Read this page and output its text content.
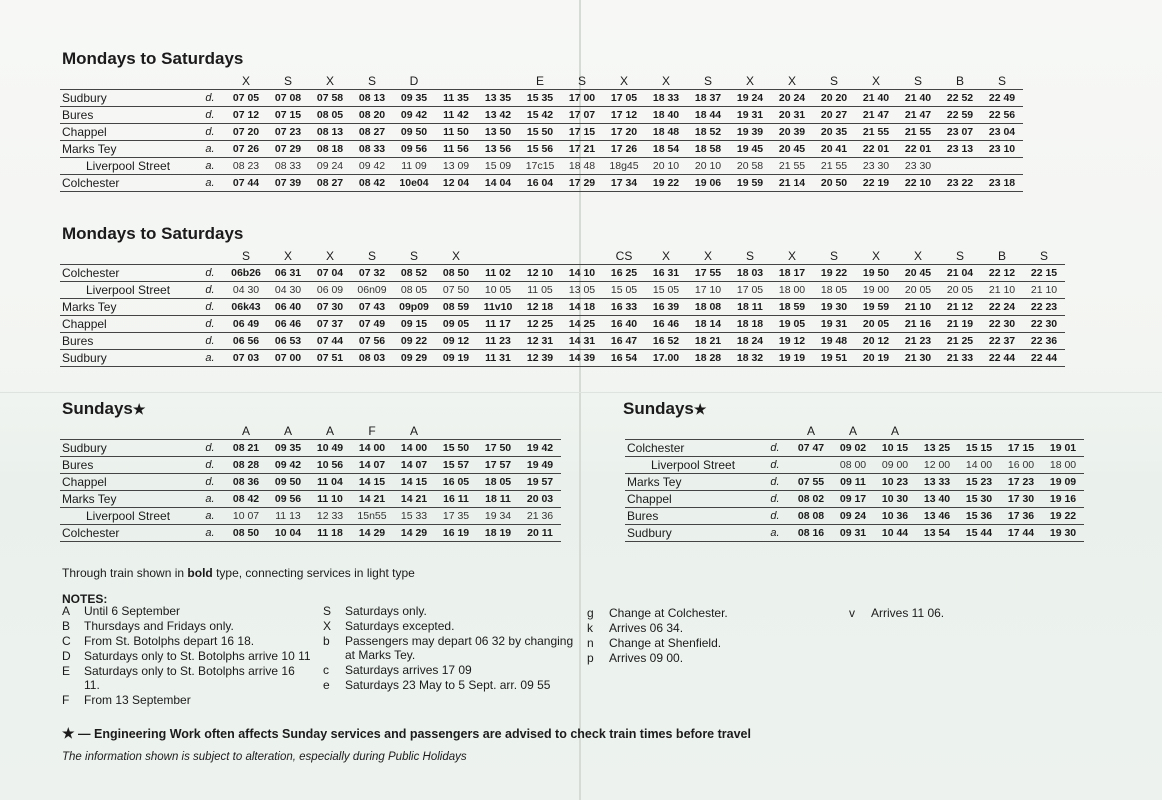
Mondays to Saturdays
		X	S	X	S	D			E	S	X	X	S	X	X	S	X	S	B	S
Sudbury	d.	07 05	07 08	07 58	08 13	09 35	11 35	13 35	15 35	17 00	17 05	18 33	18 37	19 24	20 24	20 20	21 40	21 40	22 52	22 49
Bures	d.	07 12	07 15	08 05	08 20	09 42	11 42	13 42	15 42	17 07	17 12	18 40	18 44	19 31	20 31	20 27	21 47	21 47	22 59	22 56
Chappel	d.	07 20	07 23	08 13	08 27	09 50	11 50	13 50	15 50	17 15	17 20	18 48	18 52	19 39	20 39	20 35	21 55	21 55	23 07	23 04
Marks Tey	a.	07 26	07 29	08 18	08 33	09 56	11 56	13 56	15 56	17 21	17 26	18 54	18 58	19 45	20 45	20 41	22 01	22 01	23 13	23 10
Liverpool Street	a.	08 23	08 33	09 24	09 42	11 09	13 09	15 09	17c15	18 48	18g45	20 10	20 10	20 58	21 55	21 55	23 30	23 30		
Colchester	a.	07 44	07 39	08 27	08 42	10e04	12 04	14 04	16 04	17 29	17 34	19 22	19 06	19 59	21 14	20 50	22 19	22 10	23 22	23 18
Mondays to Saturdays
		S	X	X	S	S	X				CS	X	X	S	X	S	X	X	S	B	S
Colchester	d.	06b26	06 31	07 04	07 32	08 52	08 50	11 02	12 10	14 10	16 25	16 31	17 55	18 03	18 17	19 22	19 50	20 45	21 04	22 12	22 15
Liverpool Street	d.	04 30	04 30	06 09	06n09	08 05	07 50	10 05	11 05	13 05	15 05	15 05	17 10	17 05	18 00	18 05	19 00	20 05	20 05	21 10	21 10
Marks Tey	d.	06k43	06 40	07 30	07 43	09p09	08 59	11v10	12 18	14 18	16 33	16 39	18 08	18 11	18 59	19 30	19 59	21 10	21 12	22 24	22 23
Chappel	d.	06 49	06 46	07 37	07 49	09 15	09 05	11 17	12 25	14 25	16 40	16 46	18 14	18 18	19 05	19 31	20 05	21 16	21 19	22 30	22 30
Bures	d.	06 56	06 53	07 44	07 56	09 22	09 12	11 23	12 31	14 31	16 47	16 52	18 21	18 24	19 12	19 48	20 12	21 23	21 25	22 37	22 36
Sudbury	a.	07 03	07 00	07 51	08 03	09 29	09 19	11 31	12 39	14 39	16 54	17.00	18 28	18 32	19 19	19 51	20 19	21 30	21 33	22 44	22 44
Sundays★
		A	A	A	F	A			
Sudbury	d.	08 21	09 35	10 49	14 00	14 00	15 50	17 50	19 42
Bures	d.	08 28	09 42	10 56	14 07	14 07	15 57	17 57	19 49
Chappel	d.	08 36	09 50	11 04	14 15	14 15	16 05	18 05	19 57
Marks Tey	a.	08 42	09 56	11 10	14 21	14 21	16 11	18 11	20 03
Liverpool Street	a.	10 07	11 13	12 33	15n55	15 33	17 35	19 34	21 36
Colchester	a.	08 50	10 04	11 18	14 29	14 29	16 19	18 19	20 11
Sundays★
		A	A	A				
Colchester	d.	07 47	09 02	10 15	13 25	15 15	17 15	19 01
Liverpool Street	d.		08 00	09 00	12 00	14 00	16 00	18 00
Marks Tey	d.	07 55	09 11	10 23	13 33	15 23	17 23	19 09
Chappel	d.	08 02	09 17	10 30	13 40	15 30	17 30	19 16
Bures	d.	08 08	09 24	10 36	13 46	15 36	17 36	19 22
Sudbury	a.	08 16	09 31	10 44	13 54	15 44	17 44	19 30
Through train shown in bold type, connecting services in light type
NOTES:
A	Until 6 September
B	Thursdays and Fridays only.
C	From St. Botolphs depart 16 18.
D	Saturdays only to St. Botolphs arrive 10 11
E	Saturdays only to St. Botolphs arrive 16 11.
F	From 13 September
S	Saturdays only.
X	Saturdays excepted.
b	Passengers may depart 06 32 by changing at Marks Tey.
c	Saturdays arrives 17 09
e	Saturdays 23 May to 5 Sept. arr. 09 55
g	Change at Colchester.
k	Arrives 06 34.
n	Change at Shenfield.
p	Arrives 09 00.
v	Arrives 11 06.
★ — Engineering Work often affects Sunday services and passengers are advised to check train times before travel
The information shown is subject to alteration, especially during Public Holidays
